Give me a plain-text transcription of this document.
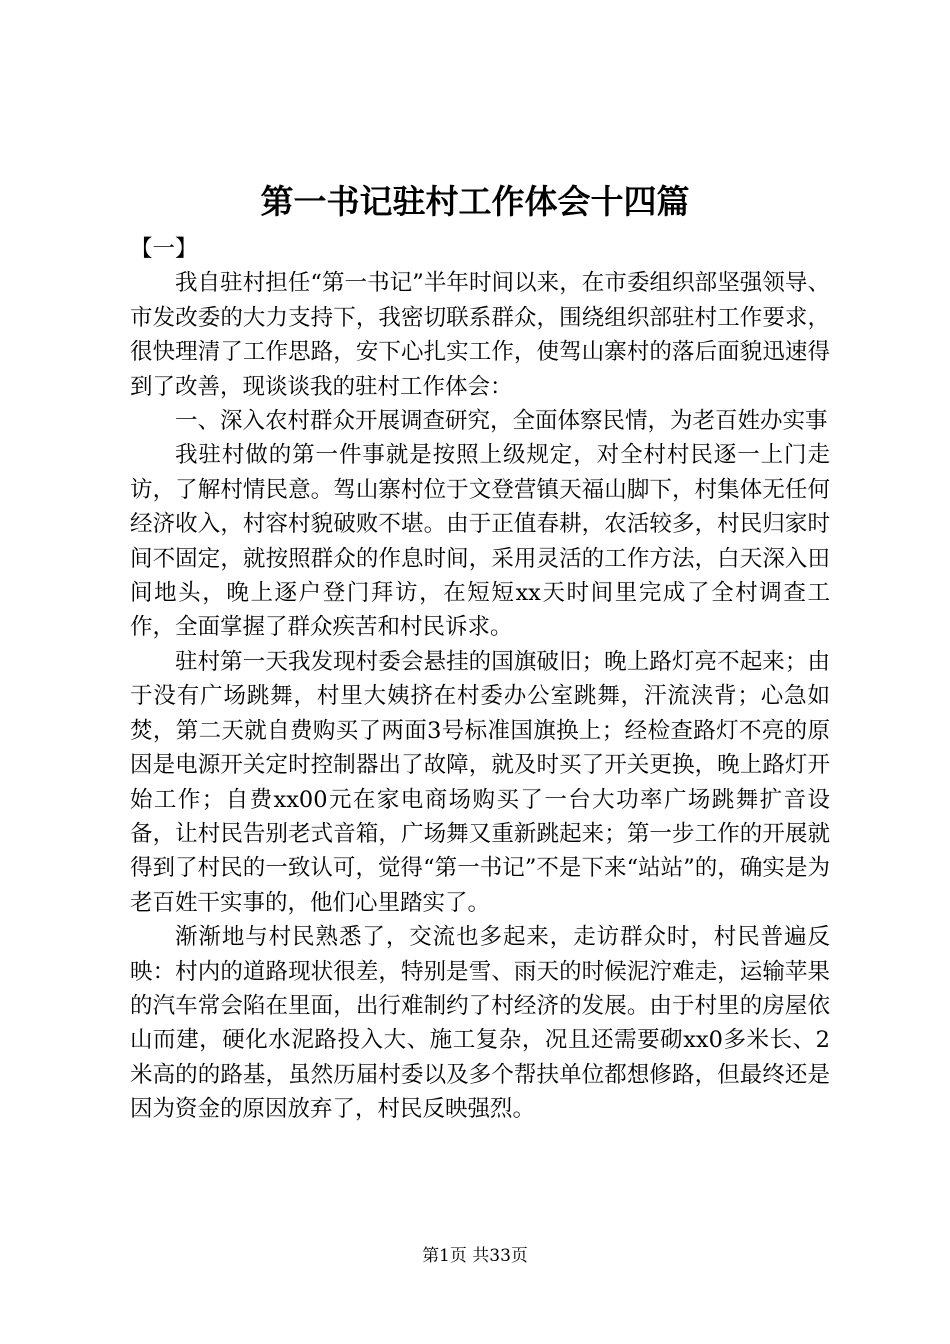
第一书记驻村工作体会十四篇

【一】

我自驻村担任“第一书记”半年时间以来，在市委组织部坚强领导、市发改委的大力支持下，我密切联系群众，围绕组织部驻村工作要求，很快理清了工作思路，安下心扎实工作，使驾山寨村的落后面貌迅速得到了改善，现谈谈我的驻村工作体会：

一、深入农村群众开展调查研究，全面体察民情，为老百姓办实事

我驻村做的第一件事就是按照上级规定，对全村村民逐一上门走访，了解村情民意。驾山寨村位于文登营镇天福山脚下，村集体无任何经济收入，村容村貌破败不堪。由于正值春耕，农活较多，村民归家时间不固定，就按照群众的作息时间，采用灵活的工作方法，白天深入田间地头，晚上逐户登门拜访，在短短xx天时间里完成了全村调查工作，全面掌握了群众疾苦和村民诉求。

驻村第一天我发现村委会悬挂的国旗破旧；晚上路灯亮不起来；由于没有广场跳舞，村里大姨挤在村委办公室跳舞，汗流浃背；心急如焚，第二天就自费购买了两面3号标准国旗换上；经检查路灯不亮的原因是电源开关定时控制器出了故障，就及时买了开关更换，晚上路灯开始工作；自费xx00元在家电商场购买了一台大功率广场跳舞扩音设备，让村民告别老式音箱，广场舞又重新跳起来；第一步工作的开展就得到了村民的一致认可，觉得“第一书记”不是下来“站站”的，确实是为老百姓干实事的，他们心里踏实了。

渐渐地与村民熟悉了，交流也多起来，走访群众时，村民普遍反映：村内的道路现状很差，特别是雪、雨天的时候泥泞难走，运输苹果的汽车常会陷在里面，出行难制约了村经济的发展。由于村里的房屋依山而建，硬化水泥路投入大、施工复杂，况且还需要砌xx0多米长、2米高的的路基，虽然历届村委以及多个帮扶单位都想修路，但最终还是因为资金的原因放弃了，村民反映强烈。

第1页 共33页
